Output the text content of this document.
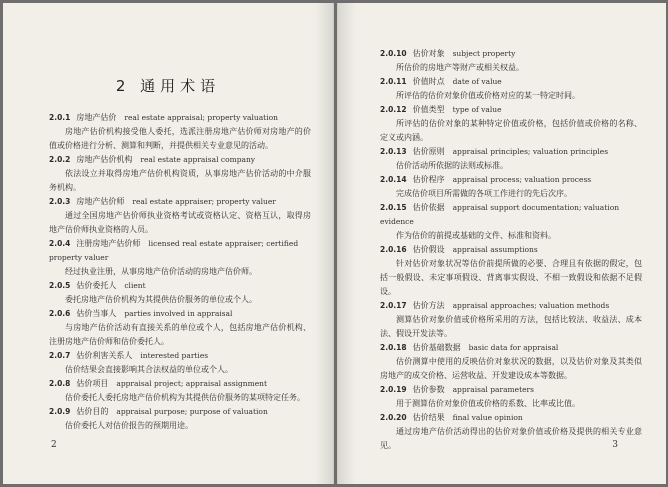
2 通用术语
2.0.1 房地产估价 real estate appraisal; property valuation
房地产估价机构接受他人委托，选派注册房地产估价师对房地产的价值或价格进行分析、测算和判断，并提供相关专业意见的活动。
2.0.2 房地产估价机构 real estate appraisal company
依法设立并取得房地产估价机构资质，从事房地产估价活动的中介服务机构。
2.0.3 房地产估价师 real estate appraiser; property valuer
通过全国房地产估价师执业资格考试或资格认定、资格互认，取得房地产估价师执业资格的人员。
2.0.4 注册房地产估价师 licensed real estate appraiser; certified property valuer
经过执业注册，从事房地产估价活动的房地产估价师。
2.0.5 估价委托人 client
委托房地产估价机构为其提供估价服务的单位或个人。
2.0.6 估价当事人 parties involved in appraisal
与房地产估价活动有直接关系的单位或个人，包括房地产估价机构、注册房地产估价师和估价委托人。
2.0.7 估价利害关系人 interested parties
估价结果会直接影响其合法权益的单位或个人。
2.0.8 估价项目 appraisal project; appraisal assignment
估价委托人委托房地产估价机构为其提供估价服务的某项特定任务。
2.0.9 估价目的 appraisal purpose; purpose of valuation
估价委托人对估价报告的预期用途。
2
2.0.10 估价对象 subject property
所估价的房地产等财产或相关权益。
2.0.11 价值时点 date of value
所评估的估价对象价值或价格对应的某一特定时间。
2.0.12 价值类型 type of value
所评估的估价对象的某种特定价值或价格，包括价值或价格的名称、定义或内涵。
2.0.13 估价原则 appraisal principles; valuation principles
估价活动所依据的法则或标准。
2.0.14 估价程序 appraisal process; valuation process
完成估价项目所需做的各项工作进行的先后次序。
2.0.15 估价依据 appraisal support documentation; valuation evidence
作为估价的前提或基础的文件、标准和资料。
2.0.16 估价假设 appraisal assumptions
针对估价对象状况等估价前提所做的必要、合理且有依据的假定，包括一般假设、未定事项假设、背离事实假设、不相一致假设和依据不足假设。
2.0.17 估价方法 appraisal approaches; valuation methods
测算估价对象价值或价格所采用的方法，包括比较法、收益法、成本法、假设开发法等。
2.0.18 估价基础数据 basic data for appraisal
估价测算中使用的反映估价对象状况的数据，以及估价对象及其类似房地产的成交价格、运营收益、开发建设成本等数据。
2.0.19 估价参数 appraisal parameters
用于测算估价对象价值或价格的系数、比率或比值。
2.0.20 估价结果 final value opinion
通过房地产估价活动得出的估价对象价值或价格及提供的相关专业意见。	3
